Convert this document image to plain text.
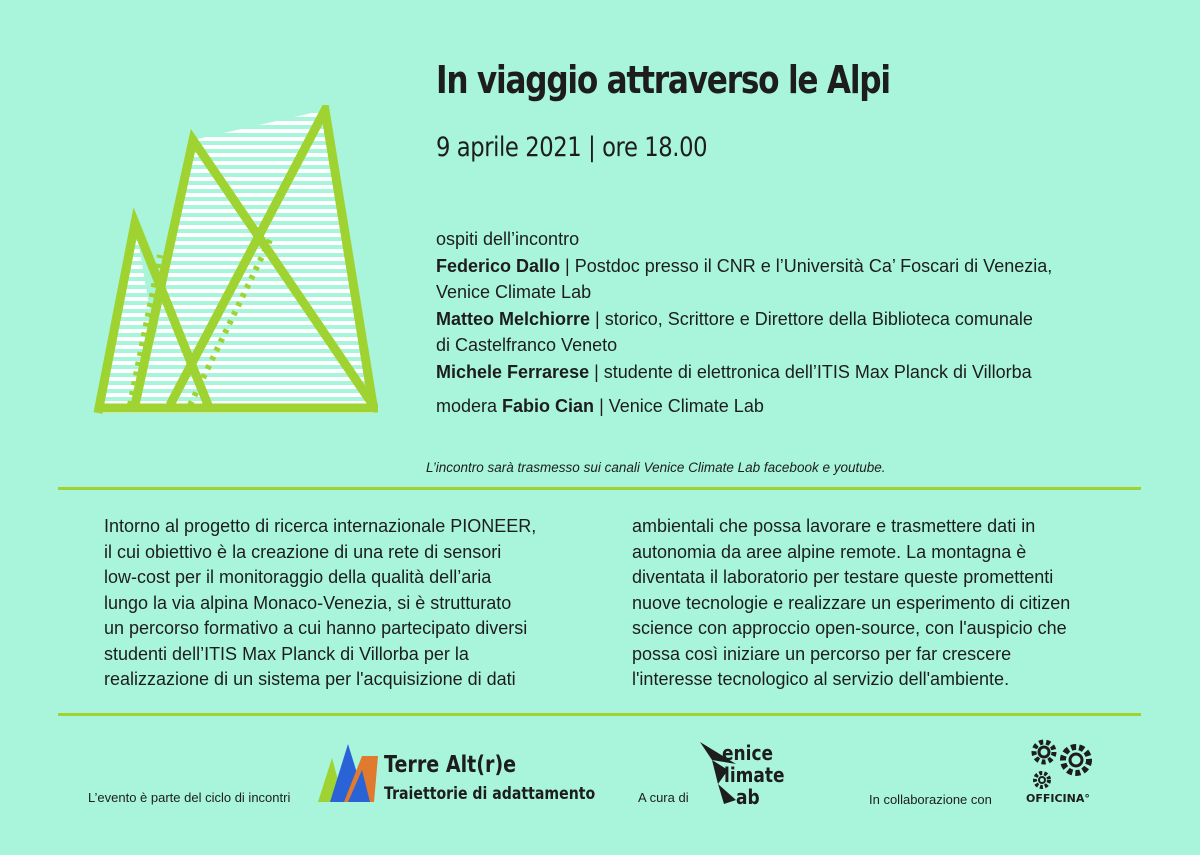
In viaggio attraverso le Alpi
9 aprile 2021 | ore 18.00
ospiti dell’incontro
Federico Dallo | Postdoc presso il CNR e l’Università Ca’ Foscari di Venezia,
Venice Climate Lab
Matteo Melchiorre | storico, Scrittore e Direttore della Biblioteca comunale
di Castelfranco Veneto
Michele Ferrarese | studente di elettronica dell’ITIS Max Planck di Villorba
modera Fabio Cian | Venice Climate Lab
L’incontro sarà trasmesso sui canali Venice Climate Lab facebook e youtube.
Intorno al progetto di ricerca internazionale PIONEER,
il cui obiettivo è la creazione di una rete di sensori
low-cost per il monitoraggio della qualità dell’aria
lungo la via alpina Monaco-Venezia, si è strutturato
un percorso formativo a cui hanno partecipato diversi
studenti dell’ITIS Max Planck di Villorba per la
realizzazione di un sistema per l'acquisizione di dati
ambientali che possa lavorare e trasmettere dati in
autonomia da aree alpine remote. La montagna è
diventata il laboratorio per testare queste promettenti
nuove tecnologie e realizzare un esperimento di citizen
science con approccio open-source, con l'auspicio che
possa così iniziare un percorso per far crescere
l'interesse tecnologico al servizio dell'ambiente.
L’evento è parte del ciclo di incontri
Terre Alt(r)e
Traiettorie di adattamento	A cura di
enice
limate
ab	In collaborazione con	OFFICINA°
